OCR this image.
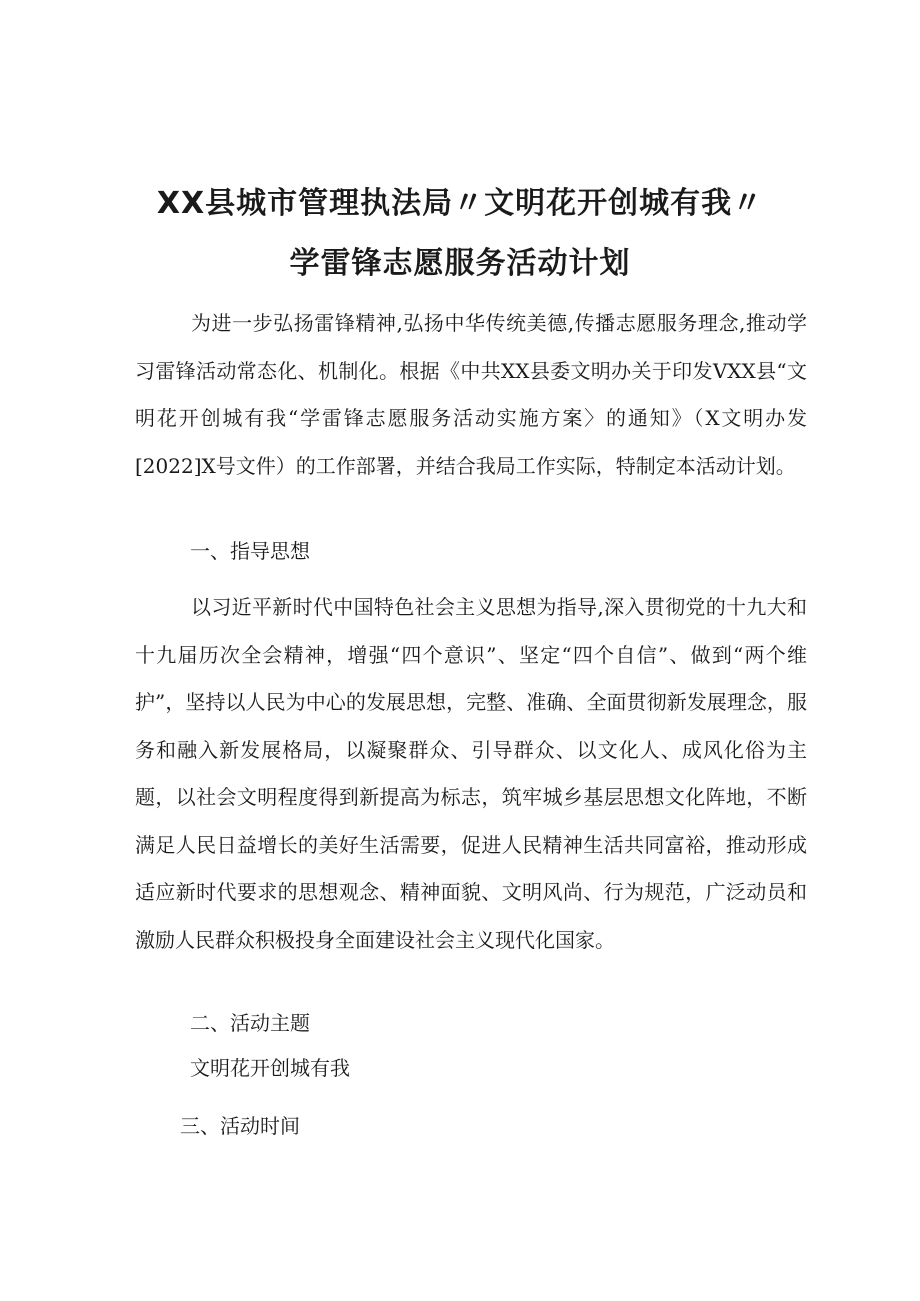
XX县城市管理执法局〃文明花开创城有我〃
学雷锋志愿服务活动计划
为进一步弘扬雷锋精神,弘扬中华传统美德,传播志愿服务理念,推动学习雷锋活动常态化、机制化。根据《中共XX县委文明办关于印发VXX县“文明花开创城有我“学雷锋志愿服务活动实施方案〉的通知》（X文明办发[2022]X号文件）的工作部署，并结合我局工作实际，特制定本活动计划。
一、指导思想
以习近平新时代中国特色社会主义思想为指导,深入贯彻党的十九大和十九届历次全会精神，增强“四个意识”、坚定“四个自信”、做到“两个维护”，坚持以人民为中心的发展思想，完整、准确、全面贯彻新发展理念，服务和融入新发展格局，以凝聚群众、引导群众、以文化人、成风化俗为主题，以社会文明程度得到新提高为标志，筑牢城乡基层思想文化阵地，不断满足人民日益增长的美好生活需要，促进人民精神生活共同富裕，推动形成适应新时代要求的思想观念、精神面貌、文明风尚、行为规范，广泛动员和激励人民群众积极投身全面建设社会主义现代化国家。
二、活动主题
文明花开创城有我
三、活动时间
